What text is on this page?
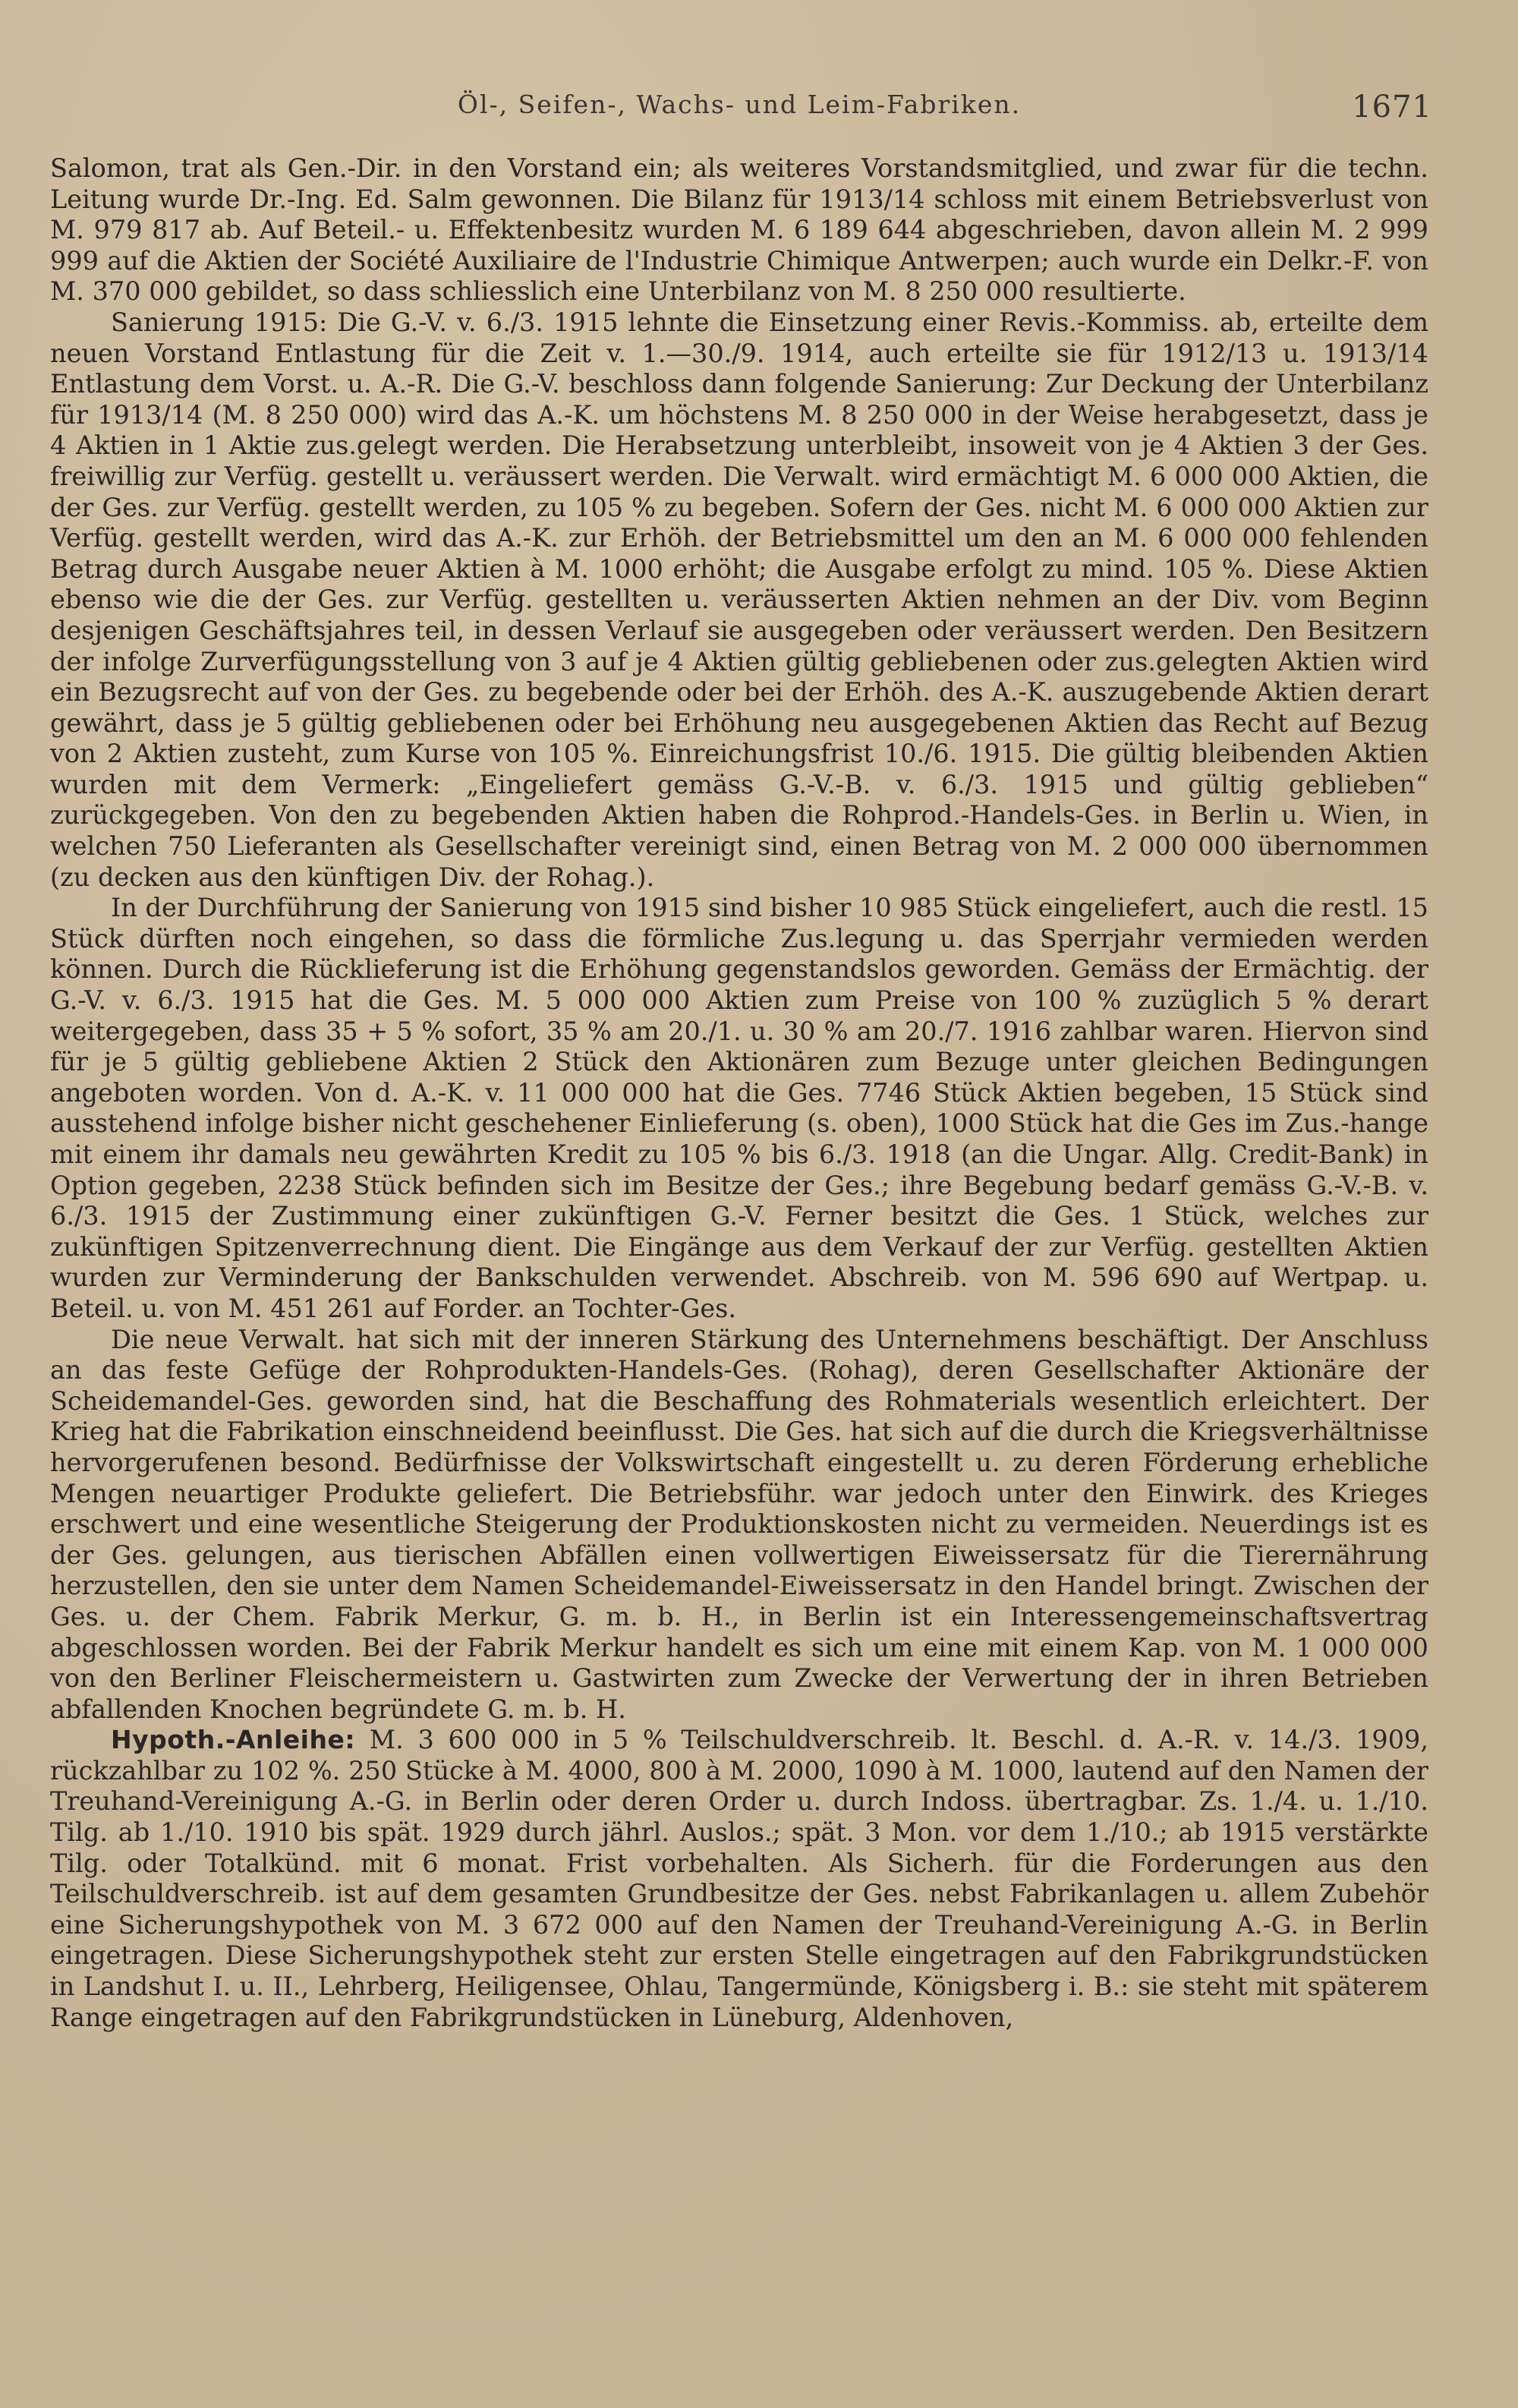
Öl-, Seifen-, Wachs- und Leim-Fabriken.	1671

Salomon, trat als Gen.-Dir. in den Vorstand ein; als weiteres Vorstandsmitglied, und zwar für die techn. Leitung wurde Dr.-Ing. Ed. Salm gewonnen. Die Bilanz für 1913/14 schloss mit einem Betriebsverlust von M. 979 817 ab. Auf Beteil.- u. Effektenbesitz wurden M. 6 189 644 abgeschrieben, davon allein M. 2 999 999 auf die Aktien der Société Auxiliaire de l'Industrie Chimique Antwerpen; auch wurde ein Delkr.-F. von M. 370 000 gebildet, so dass schliesslich eine Unterbilanz von M. 8 250 000 resultierte.

Sanierung 1915: Die G.-V. v. 6./3. 1915 lehnte die Einsetzung einer Revis.-Kommiss. ab, erteilte dem neuen Vorstand Entlastung für die Zeit v. 1.—30./9. 1914, auch erteilte sie für 1912/13 u. 1913/14 Entlastung dem Vorst. u. A.-R. Die G.-V. beschloss dann folgende Sanierung: Zur Deckung der Unterbilanz für 1913/14 (M. 8 250 000) wird das A.-K. um höchstens M. 8 250 000 in der Weise herabgesetzt, dass je 4 Aktien in 1 Aktie zus.gelegt werden. Die Herabsetzung unterbleibt, insoweit von je 4 Aktien 3 der Ges. freiwillig zur Verfüg. gestellt u. veräussert werden. Die Verwalt. wird ermächtigt M. 6 000 000 Aktien, die der Ges. zur Verfüg. gestellt werden, zu 105 % zu begeben. Sofern der Ges. nicht M. 6 000 000 Aktien zur Verfüg. gestellt werden, wird das A.-K. zur Erhöh. der Betriebsmittel um den an M. 6 000 000 fehlenden Betrag durch Ausgabe neuer Aktien à M. 1000 erhöht; die Ausgabe erfolgt zu mind. 105 %. Diese Aktien ebenso wie die der Ges. zur Verfüg. gestellten u. veräusserten Aktien nehmen an der Div. vom Beginn desjenigen Geschäftsjahres teil, in dessen Verlauf sie ausgegeben oder veräussert werden. Den Besitzern der infolge Zurverfügungsstellung von 3 auf je 4 Aktien gültig gebliebenen oder zus.gelegten Aktien wird ein Bezugsrecht auf von der Ges. zu begebende oder bei der Erhöh. des A.-K. auszugebende Aktien derart gewährt, dass je 5 gültig gebliebenen oder bei Erhöhung neu ausgegebenen Aktien das Recht auf Bezug von 2 Aktien zusteht, zum Kurse von 105 %. Einreichungsfrist 10./6. 1915. Die gültig bleibenden Aktien wurden mit dem Vermerk: „Eingeliefert gemäss G.-V.-B. v. 6./3. 1915 und gültig geblieben“ zurückgegeben. Von den zu begebenden Aktien haben die Rohprod.-Handels-Ges. in Berlin u. Wien, in welchen 750 Lieferanten als Gesellschafter vereinigt sind, einen Betrag von M. 2 000 000 übernommen (zu decken aus den künftigen Div. der Rohag.).

In der Durchführung der Sanierung von 1915 sind bisher 10 985 Stück eingeliefert, auch die restl. 15 Stück dürften noch eingehen, so dass die förmliche Zus.legung u. das Sperrjahr vermieden werden können. Durch die Rücklieferung ist die Erhöhung gegenstandslos geworden. Gemäss der Ermächtig. der G.-V. v. 6./3. 1915 hat die Ges. M. 5 000 000 Aktien zum Preise von 100 % zuzüglich 5 % derart weitergegeben, dass 35 + 5 % sofort, 35 % am 20./1. u. 30 % am 20./7. 1916 zahlbar waren. Hiervon sind für je 5 gültig gebliebene Aktien 2 Stück den Aktionären zum Bezuge unter gleichen Bedingungen angeboten worden. Von d. A.-K. v. 11 000 000 hat die Ges. 7746 Stück Aktien begeben, 15 Stück sind ausstehend infolge bisher nicht geschehener Einlieferung (s. oben), 1000 Stück hat die Ges im Zus.-hange mit einem ihr damals neu gewährten Kredit zu 105 % bis 6./3. 1918 (an die Ungar. Allg. Credit-Bank) in Option gegeben, 2238 Stück befinden sich im Besitze der Ges.; ihre Begebung bedarf gemäss G.-V.-B. v. 6./3. 1915 der Zustimmung einer zukünftigen G.-V. Ferner besitzt die Ges. 1 Stück, welches zur zukünftigen Spitzenverrechnung dient. Die Eingänge aus dem Verkauf der zur Verfüg. gestellten Aktien wurden zur Verminderung der Bankschulden verwendet. Abschreib. von M. 596 690 auf Wertpap. u. Beteil. u. von M. 451 261 auf Forder. an Tochter-Ges.

Die neue Verwalt. hat sich mit der inneren Stärkung des Unternehmens beschäftigt. Der Anschluss an das feste Gefüge der Rohprodukten-Handels-Ges. (Rohag), deren Gesellschafter Aktionäre der Scheidemandel-Ges. geworden sind, hat die Beschaffung des Rohmaterials wesentlich erleichtert. Der Krieg hat die Fabrikation einschneidend beeinflusst. Die Ges. hat sich auf die durch die Kriegsverhältnisse hervorgerufenen besond. Bedürfnisse der Volkswirtschaft eingestellt u. zu deren Förderung erhebliche Mengen neuartiger Produkte geliefert. Die Betriebsführ. war jedoch unter den Einwirk. des Krieges erschwert und eine wesentliche Steigerung der Produktionskosten nicht zu vermeiden. Neuerdings ist es der Ges. gelungen, aus tierischen Abfällen einen vollwertigen Eiweissersatz für die Tierernährung herzustellen, den sie unter dem Namen Scheidemandel-Eiweissersatz in den Handel bringt. Zwischen der Ges. u. der Chem. Fabrik Merkur, G. m. b. H., in Berlin ist ein Interessengemeinschaftsvertrag abgeschlossen worden. Bei der Fabrik Merkur handelt es sich um eine mit einem Kap. von M. 1 000 000 von den Berliner Fleischermeistern u. Gastwirten zum Zwecke der Verwertung der in ihren Betrieben abfallenden Knochen begründete G. m. b. H.

Hypoth.-Anleihe: M. 3 600 000 in 5 % Teilschuldverschreib. lt. Beschl. d. A.-R. v. 14./3. 1909, rückzahlbar zu 102 %. 250 Stücke à M. 4000, 800 à M. 2000, 1090 à M. 1000, lautend auf den Namen der Treuhand-Vereinigung A.-G. in Berlin oder deren Order u. durch Indoss. übertragbar. Zs. 1./4. u. 1./10. Tilg. ab 1./10. 1910 bis spät. 1929 durch jährl. Auslos.; spät. 3 Mon. vor dem 1./10.; ab 1915 verstärkte Tilg. oder Totalkünd. mit 6 monat. Frist vorbehalten. Als Sicherh. für die Forderungen aus den Teilschuldverschreib. ist auf dem gesamten Grundbesitze der Ges. nebst Fabrikanlagen u. allem Zubehör eine Sicherungshypothek von M. 3 672 000 auf den Namen der Treuhand-Vereinigung A.-G. in Berlin eingetragen. Diese Sicherungshypothek steht zur ersten Stelle eingetragen auf den Fabrikgrundstücken in Landshut I. u. II., Lehrberg, Heiligensee, Ohlau, Tangermünde, Königsberg i. B.: sie steht mit späterem Range eingetragen auf den Fabrikgrundstücken in Lüneburg, Aldenhoven,
